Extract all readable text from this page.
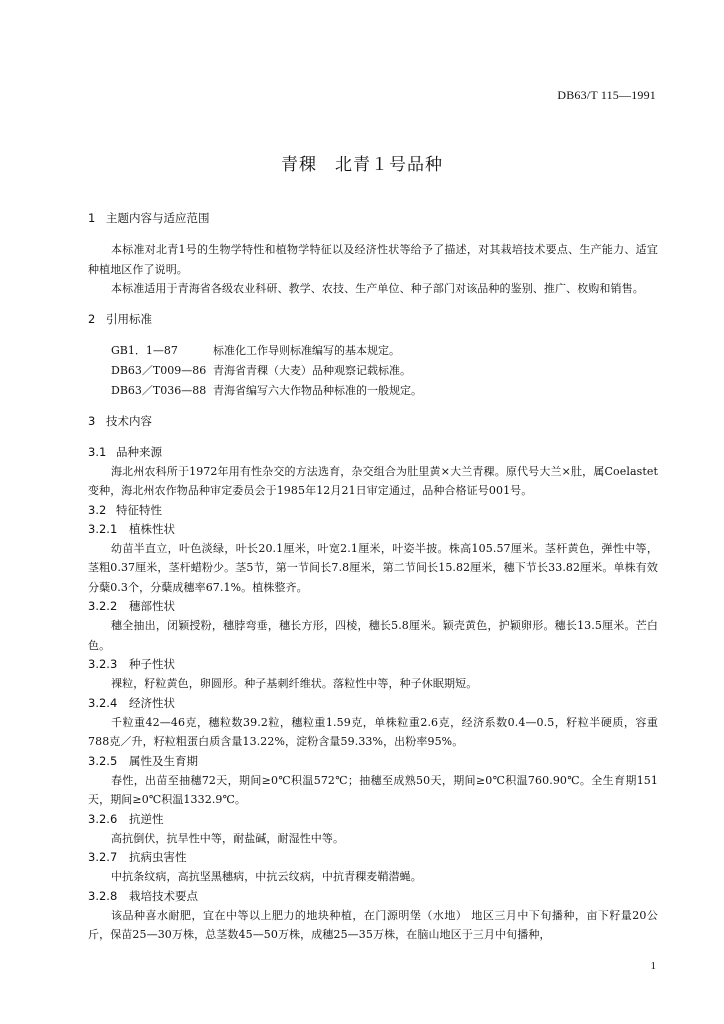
DB63/T 115—1991
青稞　北青１号品种
1 主题内容与适应范围

本标准对北青1号的生物学特性和植物学特征以及经济性状等给予了描述，对其栽培技术要点、生产能力、适宜种植地区作了说明。

本标准适用于青海省各级农业科研、教学、农技、生产单位、种子部门对该品种的鉴别、推广、枚购和销售。

2 引用标准

GB1．1—87	标准化工作导则标准编写的基本规定。

DB63／T009—86 青海省青稞（大麦）品种观察记载标准。

DB63／T036—88 青海省编写六大作物品种标准的一般规定。

3 技术内容
3.1 品种来源

海北州农科所于1972年用有性杂交的方法选育，杂交组合为肚里黄×大兰青稞。原代号大兰×肚，属Coelastet变种，海北州农作物品种审定委员会于1985年12月21日审定通过，品种合格证号001号。

3.2 特征特性
3.2.1 植株性状

幼苗半直立，叶色淡绿，叶长20.1厘米，叶宽2.1厘米，叶姿半披。株高105.57厘米。茎杆黄色，弹性中等，茎粗0.37厘米，茎杆蜡粉少。茎5节，第一节间长7.8厘米，第二节间长15.82厘米，穗下节长33.82厘米。单株有效分蘖0.3个，分蘖成穗率67.1%。植株整齐。

3.2.2 穗部性状

穗全抽出，闭颖授粉，穗脖弯垂，穗长方形，四棱，穗长5.8厘米。颖壳黄色，护颖卵形。穗长13.5厘米。芒白色。

3.2.3 种子性状

裸粒，籽粒黄色，卵圆形。种子基刺纤维状。落粒性中等，种子休眠期短。

3.2.4 经济性状

千粒重42—46克，穗粒数39.2粒，穗粒重1.59克，单株粒重2.6克，经济系数0.4—0.5，籽粒半硬质，容重788克／升，籽粒粗蛋白质含量13.22%，淀粉含量59.33%，出粉率95%。

3.2.5 属性及生育期

春性，出苗至抽穗72天，期间≥0℃积温572℃；抽穗至成熟50天，期间≥0℃积温760.90℃。全生育期151天，期间≥0℃积温1332.9℃。

3.2.6 抗逆性

高抗倒伏，抗旱性中等，耐盐碱，耐湿性中等。

3.2.7 抗病虫害性

中抗条纹病，高抗坚黑穗病，中抗云纹病，中抗青稞麦鞘潜蝇。

3.2.8 栽培技术要点

该品种喜水耐肥，宜在中等以上肥力的地块种植，在门源明堡（水地） 地区三月中下旬播种，亩下籽量20公斤，保苗25—30万株，总茎数45—50万株，成穗25—35万株，在脑山地区于三月中旬播种，

1
